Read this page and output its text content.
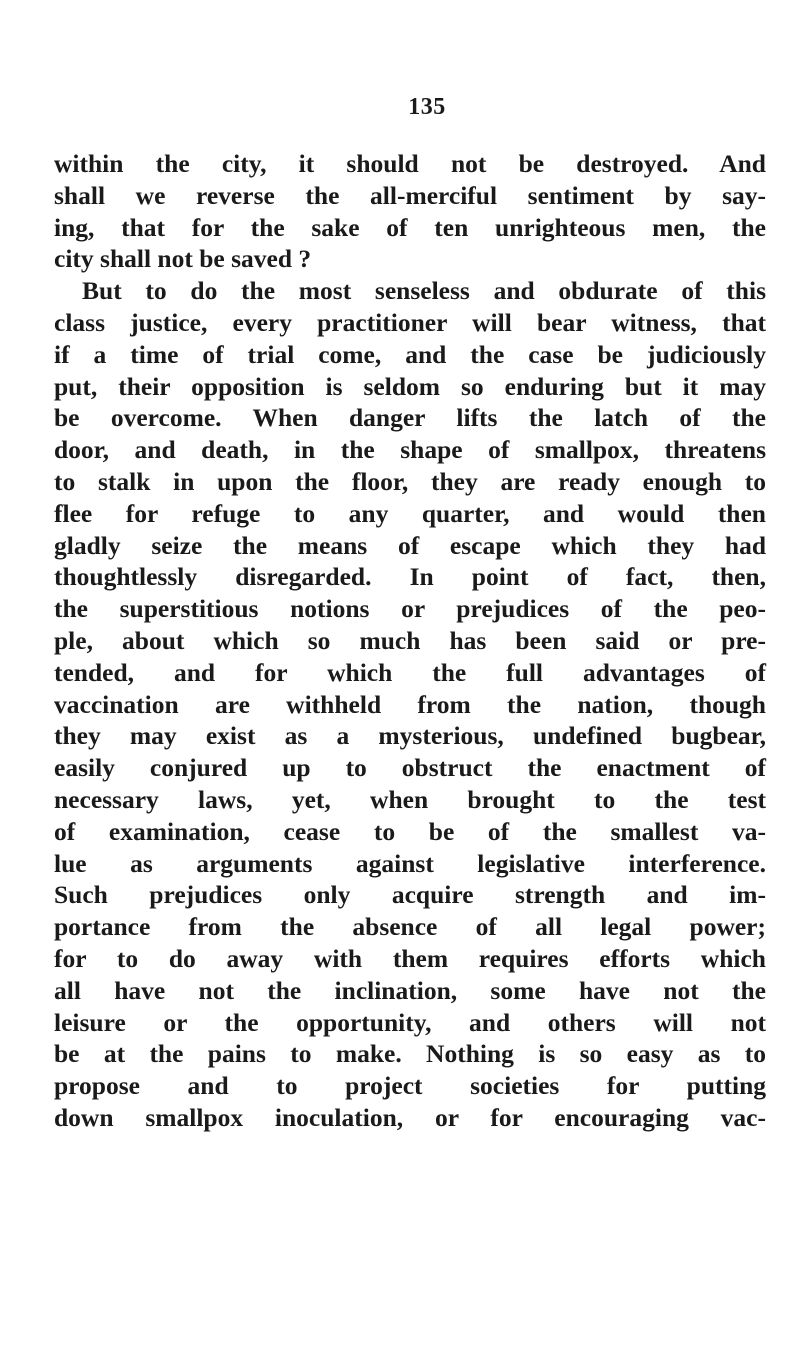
135
within the city, it should not be destroyed. And
shall we reverse the all-merciful sentiment by say-
ing, that for the sake of ten unrighteous men, the
city shall not be saved ?
But to do the most senseless and obdurate of this
class justice, every practitioner will bear witness, that
if a time of trial come, and the case be judiciously
put, their opposition is seldom so enduring but it may
be overcome. When danger lifts the latch of the
door, and death, in the shape of smallpox, threatens
to stalk in upon the floor, they are ready enough to
flee for refuge to any quarter, and would then
gladly seize the means of escape which they had
thoughtlessly disregarded. In point of fact, then,
the superstitious notions or prejudices of the peo-
ple, about which so much has been said or pre-
tended, and for which the full advantages of
vaccination are withheld from the nation, though
they may exist as a mysterious, undefined bugbear,
easily conjured up to obstruct the enactment of
necessary laws, yet, when brought to the test
of examination, cease to be of the smallest va-
lue as arguments against legislative interference.
Such prejudices only acquire strength and im-
portance from the absence of all legal power;
for to do away with them requires efforts which
all have not the inclination, some have not the
leisure or the opportunity, and others will not
be at the pains to make. Nothing is so easy as to
propose and to project societies for putting
down smallpox inoculation, or for encouraging vac-
